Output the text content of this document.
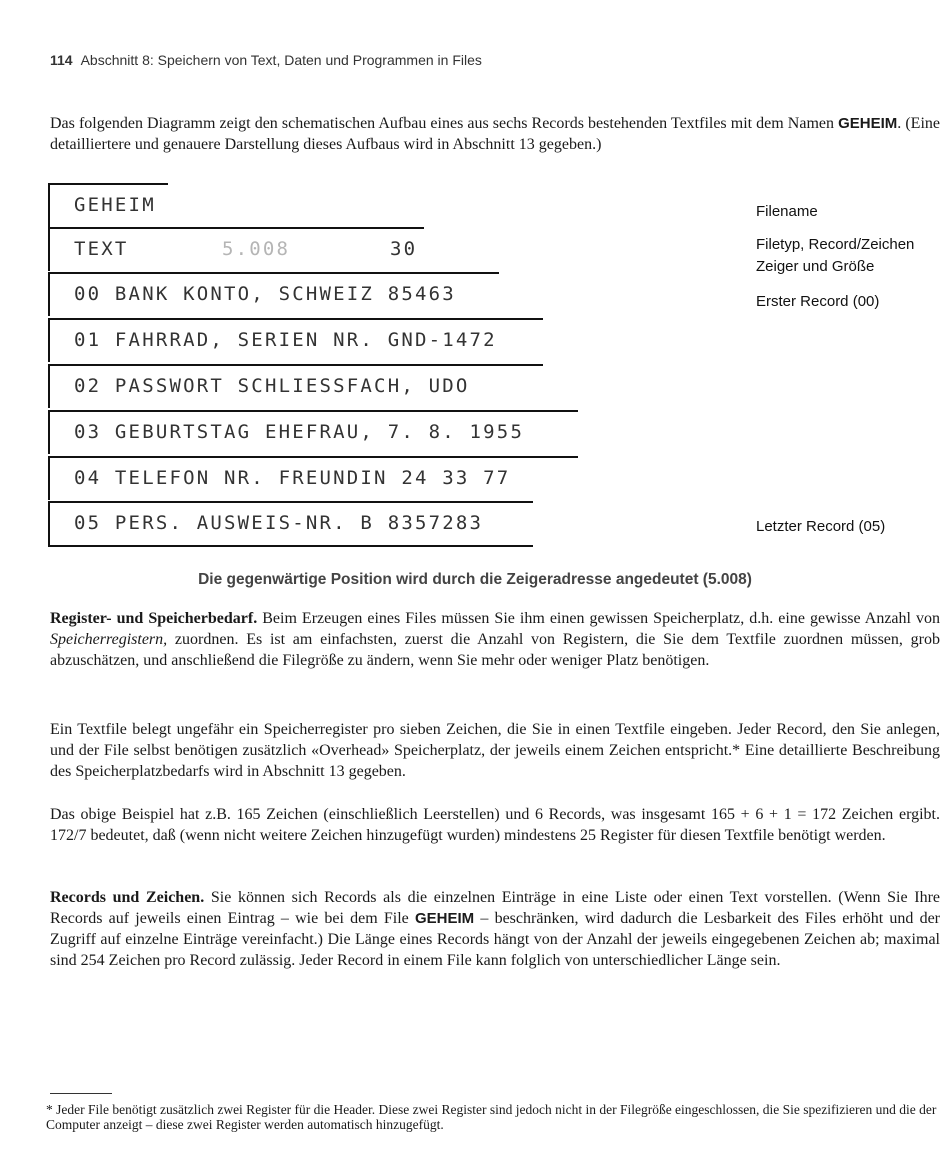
114 Abschnitt 8: Speichern von Text, Daten und Programmen in Files

Das folgenden Diagramm zeigt den schematischen Aufbau eines aus sechs Records bestehenden Textfiles mit dem Namen GEHEIM. (Eine detailliertere und genauere Darstellung dieses Aufbaus wird in Abschnitt 13 gegeben.)

GEHEIM
TEXT	5.008	30
00 BANK KONTO, SCHWEIZ 85463
01 FAHRRAD, SERIEN NR. GND-1472
02 PASSWORT SCHLIESSFACH, UDO
03 GEBURTSTAG EHEFRAU, 7. 8. 1955
04 TELEFON NR. FREUNDIN 24 33 77
05 PERS. AUSWEIS-NR. B 8357283
Filename
Filetyp, Record/Zeichen
Zeiger und Größe
Erster Record (00)
Letzter Record (05)
Die gegenwärtige Position wird durch die Zeigeradresse angedeutet (5.008)

Register- und Speicherbedarf. Beim Erzeugen eines Files müssen Sie ihm einen gewissen Speicherplatz, d.h. eine gewisse Anzahl von Speicherregistern, zuordnen. Es ist am einfachsten, zuerst die Anzahl von Registern, die Sie dem Textfile zuordnen müssen, grob abzuschätzen, und anschließend die Filegröße zu ändern, wenn Sie mehr oder weniger Platz benötigen.

Ein Textfile belegt ungefähr ein Speicherregister pro sieben Zeichen, die Sie in einen Textfile eingeben. Jeder Record, den Sie anlegen, und der File selbst benötigen zusätzlich «Overhead» Speicherplatz, der jeweils einem Zeichen entspricht.* Eine detaillierte Beschreibung des Speicherplatzbedarfs wird in Abschnitt 13 gegeben.

Das obige Beispiel hat z.B. 165 Zeichen (einschließlich Leerstellen) und 6 Records, was insgesamt 165 + 6 + 1 = 172 Zeichen ergibt. 172/7 bedeutet, daß (wenn nicht weitere Zeichen hinzugefügt wurden) mindestens 25 Register für diesen Textfile benötigt werden.

Records und Zeichen. Sie können sich Records als die einzelnen Einträge in eine Liste oder einen Text vorstellen. (Wenn Sie Ihre Records auf jeweils einen Eintrag – wie bei dem File GEHEIM – beschränken, wird dadurch die Lesbarkeit des Files erhöht und der Zugriff auf einzelne Einträge vereinfacht.) Die Länge eines Records hängt von der Anzahl der jeweils eingegebenen Zeichen ab; maximal sind 254 Zeichen pro Record zulässig. Jeder Record in einem File kann folglich von unterschiedlicher Länge sein.

* Jeder File benötigt zusätzlich zwei Register für die Header. Diese zwei Register sind jedoch nicht in der Filegröße eingeschlossen, die Sie spezifizieren und die der Computer anzeigt – diese zwei Register werden automatisch hinzugefügt.
